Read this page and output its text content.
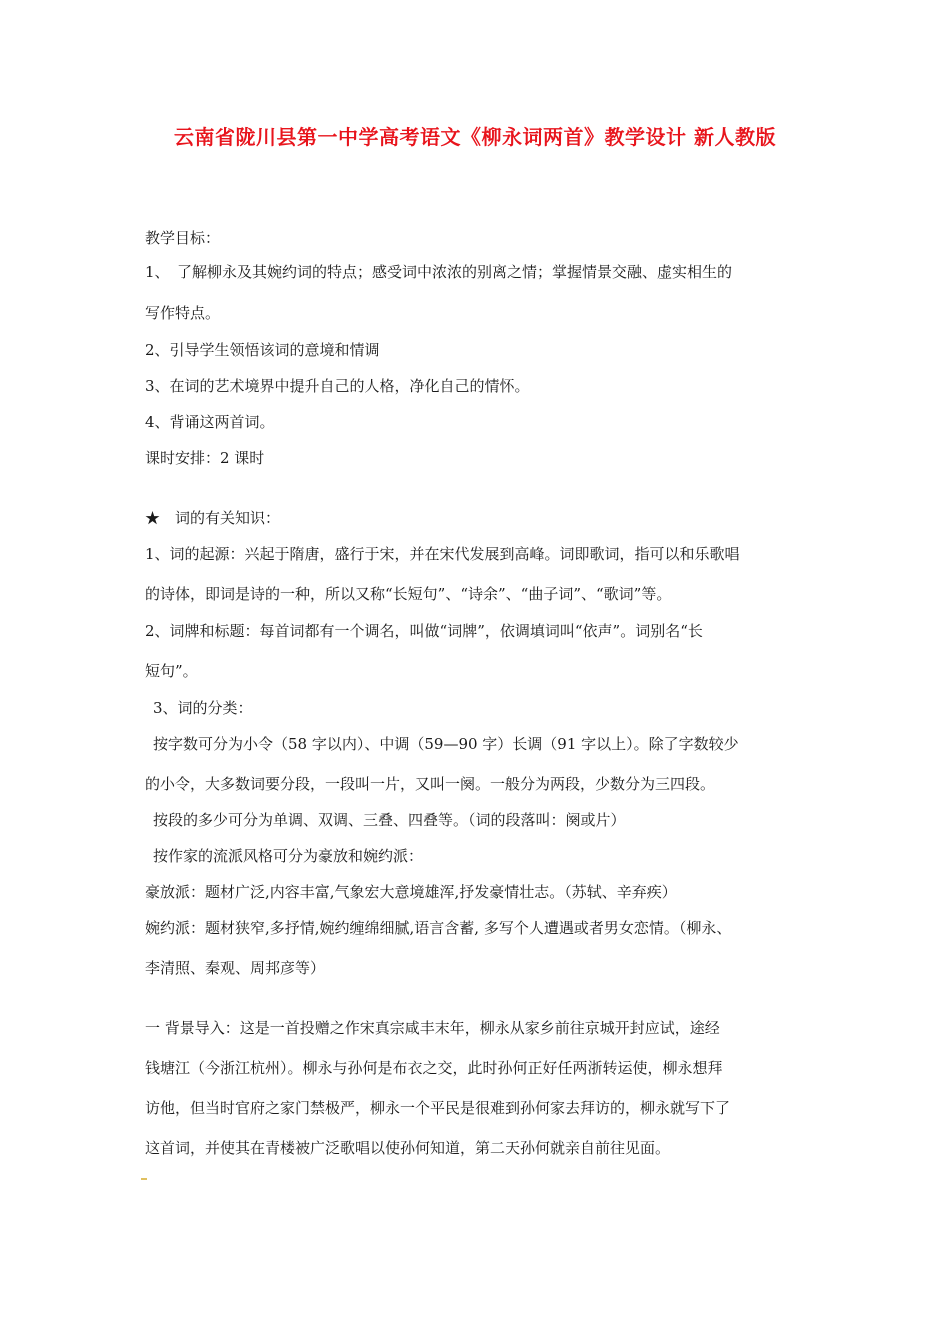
云南省陇川县第一中学高考语文《柳永词两首》教学设计 新人教版
教学目标：
1、　了解柳永及其婉约词的特点；感受词中浓浓的别离之情；掌握情景交融、虚实相生的
写作特点。
2、引导学生领悟该词的意境和情调
3、在词的艺术境界中提升自己的人格，净化自己的情怀。
4、背诵这两首词。
课时安排：2 课时
★　词的有关知识：
1、词的起源：兴起于隋唐，盛行于宋，并在宋代发展到高峰。词即歌词，指可以和乐歌唱
的诗体，即词是诗的一种，所以又称“长短句”、“诗余”、“曲子词”、“歌词”等。
2、词牌和标题：每首词都有一个调名，叫做“词牌”，依调填词叫“依声”。词别名“长
短句”。
3、词的分类：
按字数可分为小令（58 字以内）、中调（59—90 字）长调（91 字以上）。除了字数较少
的小令，大多数词要分段，一段叫一片，又叫一阕。一般分为两段，少数分为三四段。
按段的多少可分为单调、双调、三叠、四叠等。（词的段落叫：阕或片）
按作家的流派风格可分为豪放和婉约派：
豪放派：题材广泛,内容丰富,气象宏大意境雄浑,抒发豪情壮志。（苏轼、辛弃疾）
婉约派：题材狭窄,多抒情,婉约缠绵细腻,语言含蓄, 多写个人遭遇或者男女恋情。（柳永、
李清照、秦观、周邦彦等）
一 背景导入：这是一首投赠之作宋真宗咸丰末年，柳永从家乡前往京城开封应试，途经
钱塘江（今浙江杭州）。柳永与孙何是布衣之交，此时孙何正好任两浙转运使，柳永想拜
访他，但当时官府之家门禁极严，柳永一个平民是很难到孙何家去拜访的，柳永就写下了
这首词，并使其在青楼被广泛歌唱以使孙何知道，第二天孙何就亲自前往见面。
